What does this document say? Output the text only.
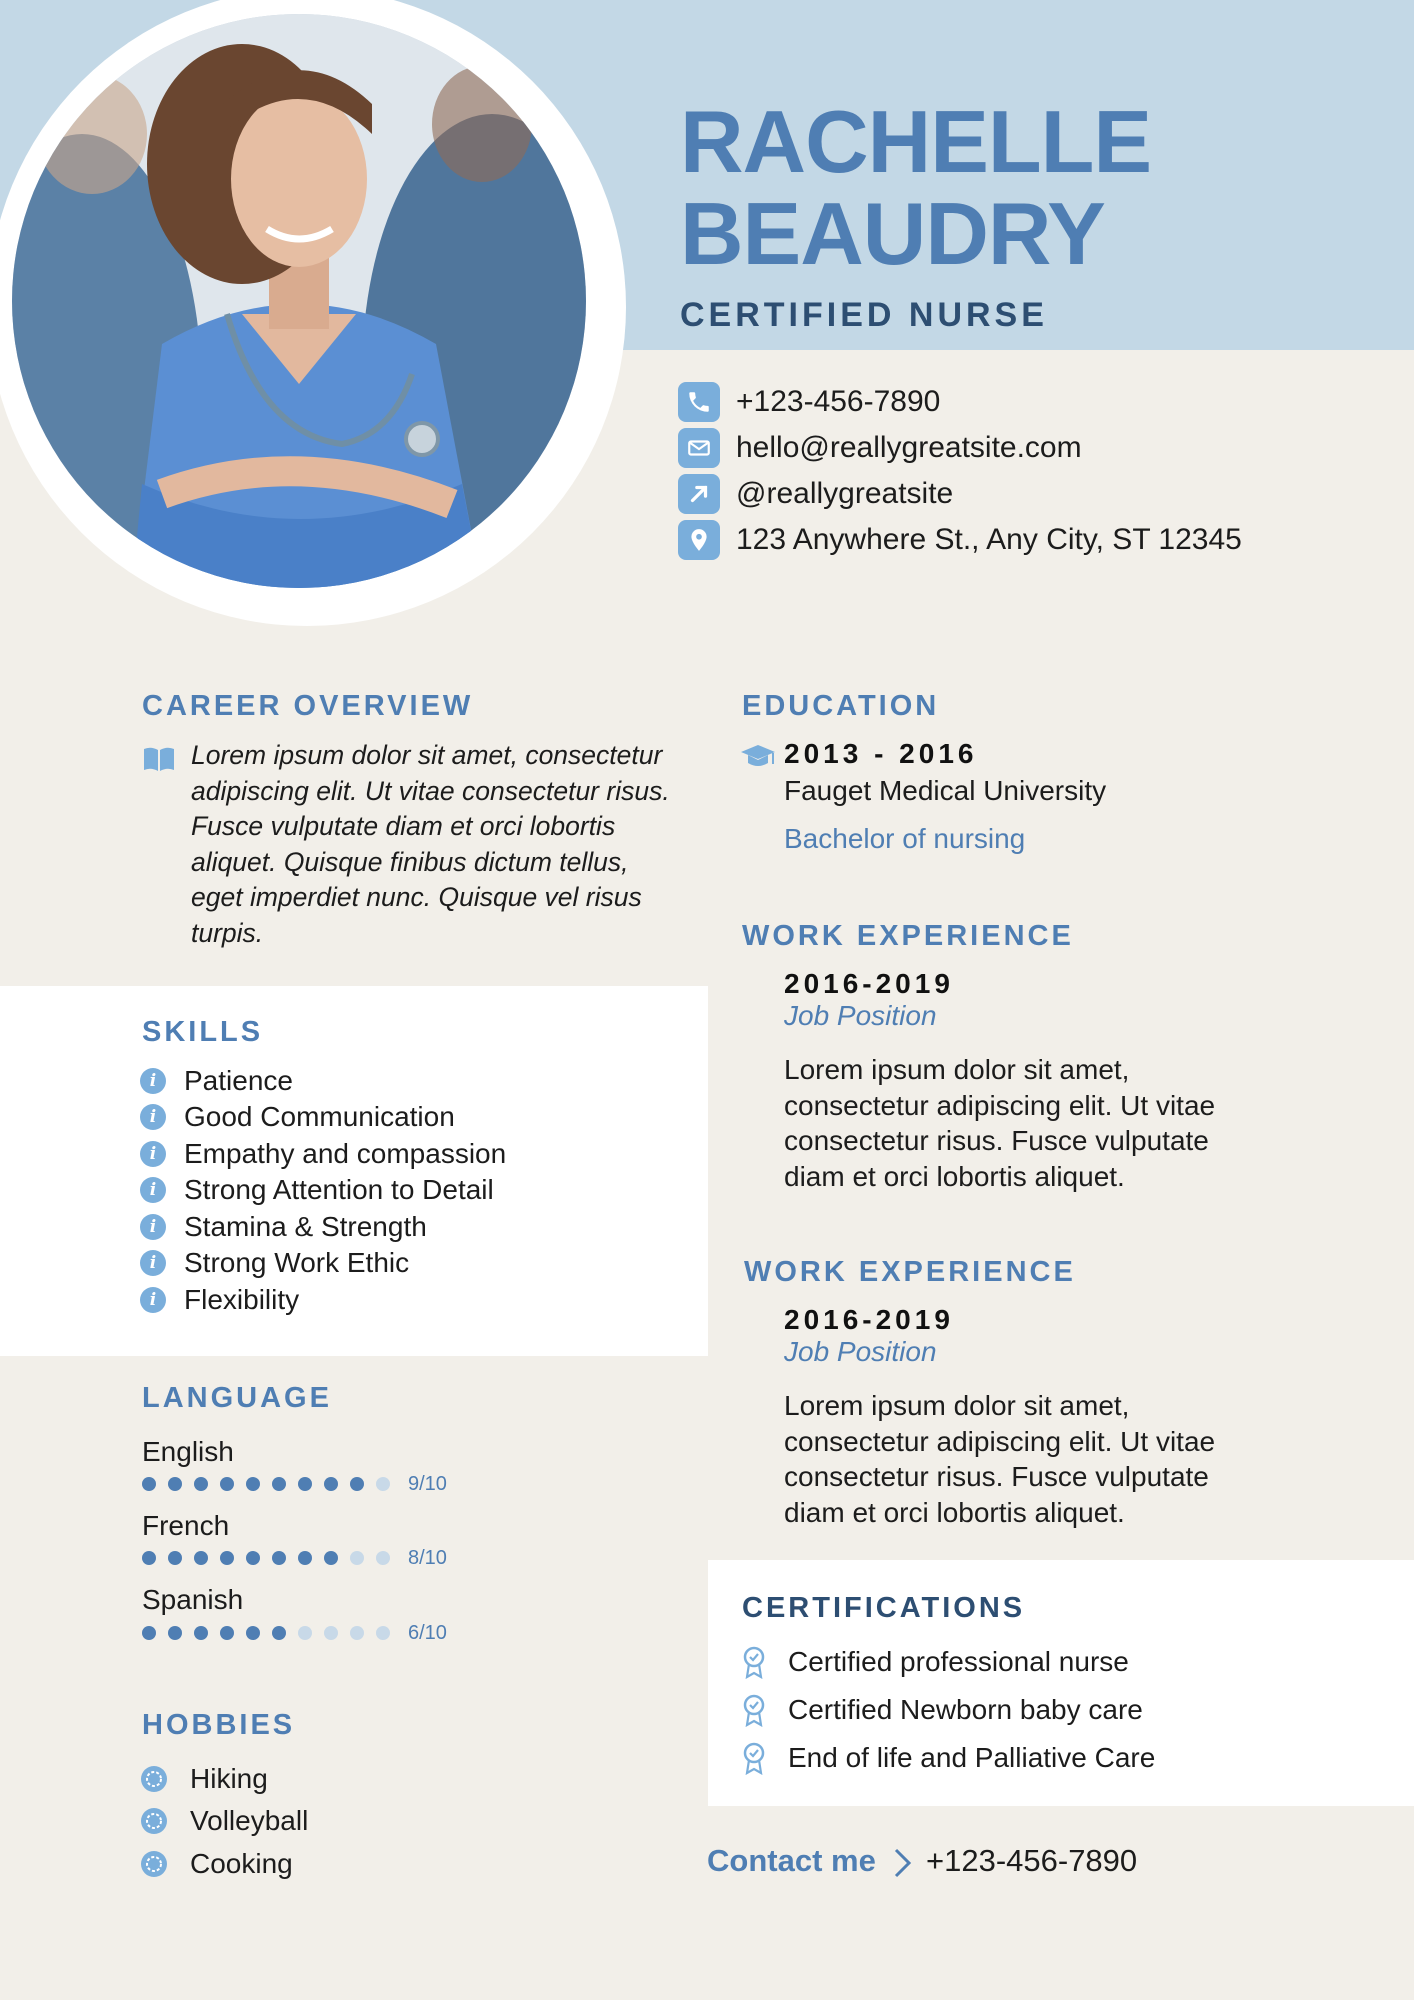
RACHELLE
BEAUDRY
CERTIFIED NURSE
+123-456-7890
hello@reallygreatsite.com
@reallygreatsite
123 Anywhere St., Any City, ST 12345
CAREER OVERVIEW
Lorem ipsum dolor sit amet, consectetur adipiscing elit. Ut vitae consectetur risus. Fusce vulputate diam et orci lobortis aliquet. Quisque finibus dictum tellus, eget imperdiet nunc. Quisque vel risus turpis.
SKILLS
i Patience
i Good Communication
i Empathy and compassion
i Strong Attention to Detail
i Stamina & Strength
i Strong Work Ethic
i Flexibility
LANGUAGE
English
9/10
French
8/10
Spanish
6/10
HOBBIES
Hiking
Volleyball
Cooking
EDUCATION
2013 - 2016
Fauget Medical University
Bachelor of nursing
WORK EXPERIENCE
2016-2019
Job Position
Lorem ipsum dolor sit amet, consectetur adipiscing elit. Ut vitae consectetur risus. Fusce vulputate diam et orci lobortis aliquet.
WORK EXPERIENCE
2016-2019
Job Position
Lorem ipsum dolor sit amet, consectetur adipiscing elit. Ut vitae consectetur risus. Fusce vulputate diam et orci lobortis aliquet.
CERTIFICATIONS
Certified professional nurse
Certified Newborn baby care
End of life and Palliative Care
Contact me +123-456-7890
